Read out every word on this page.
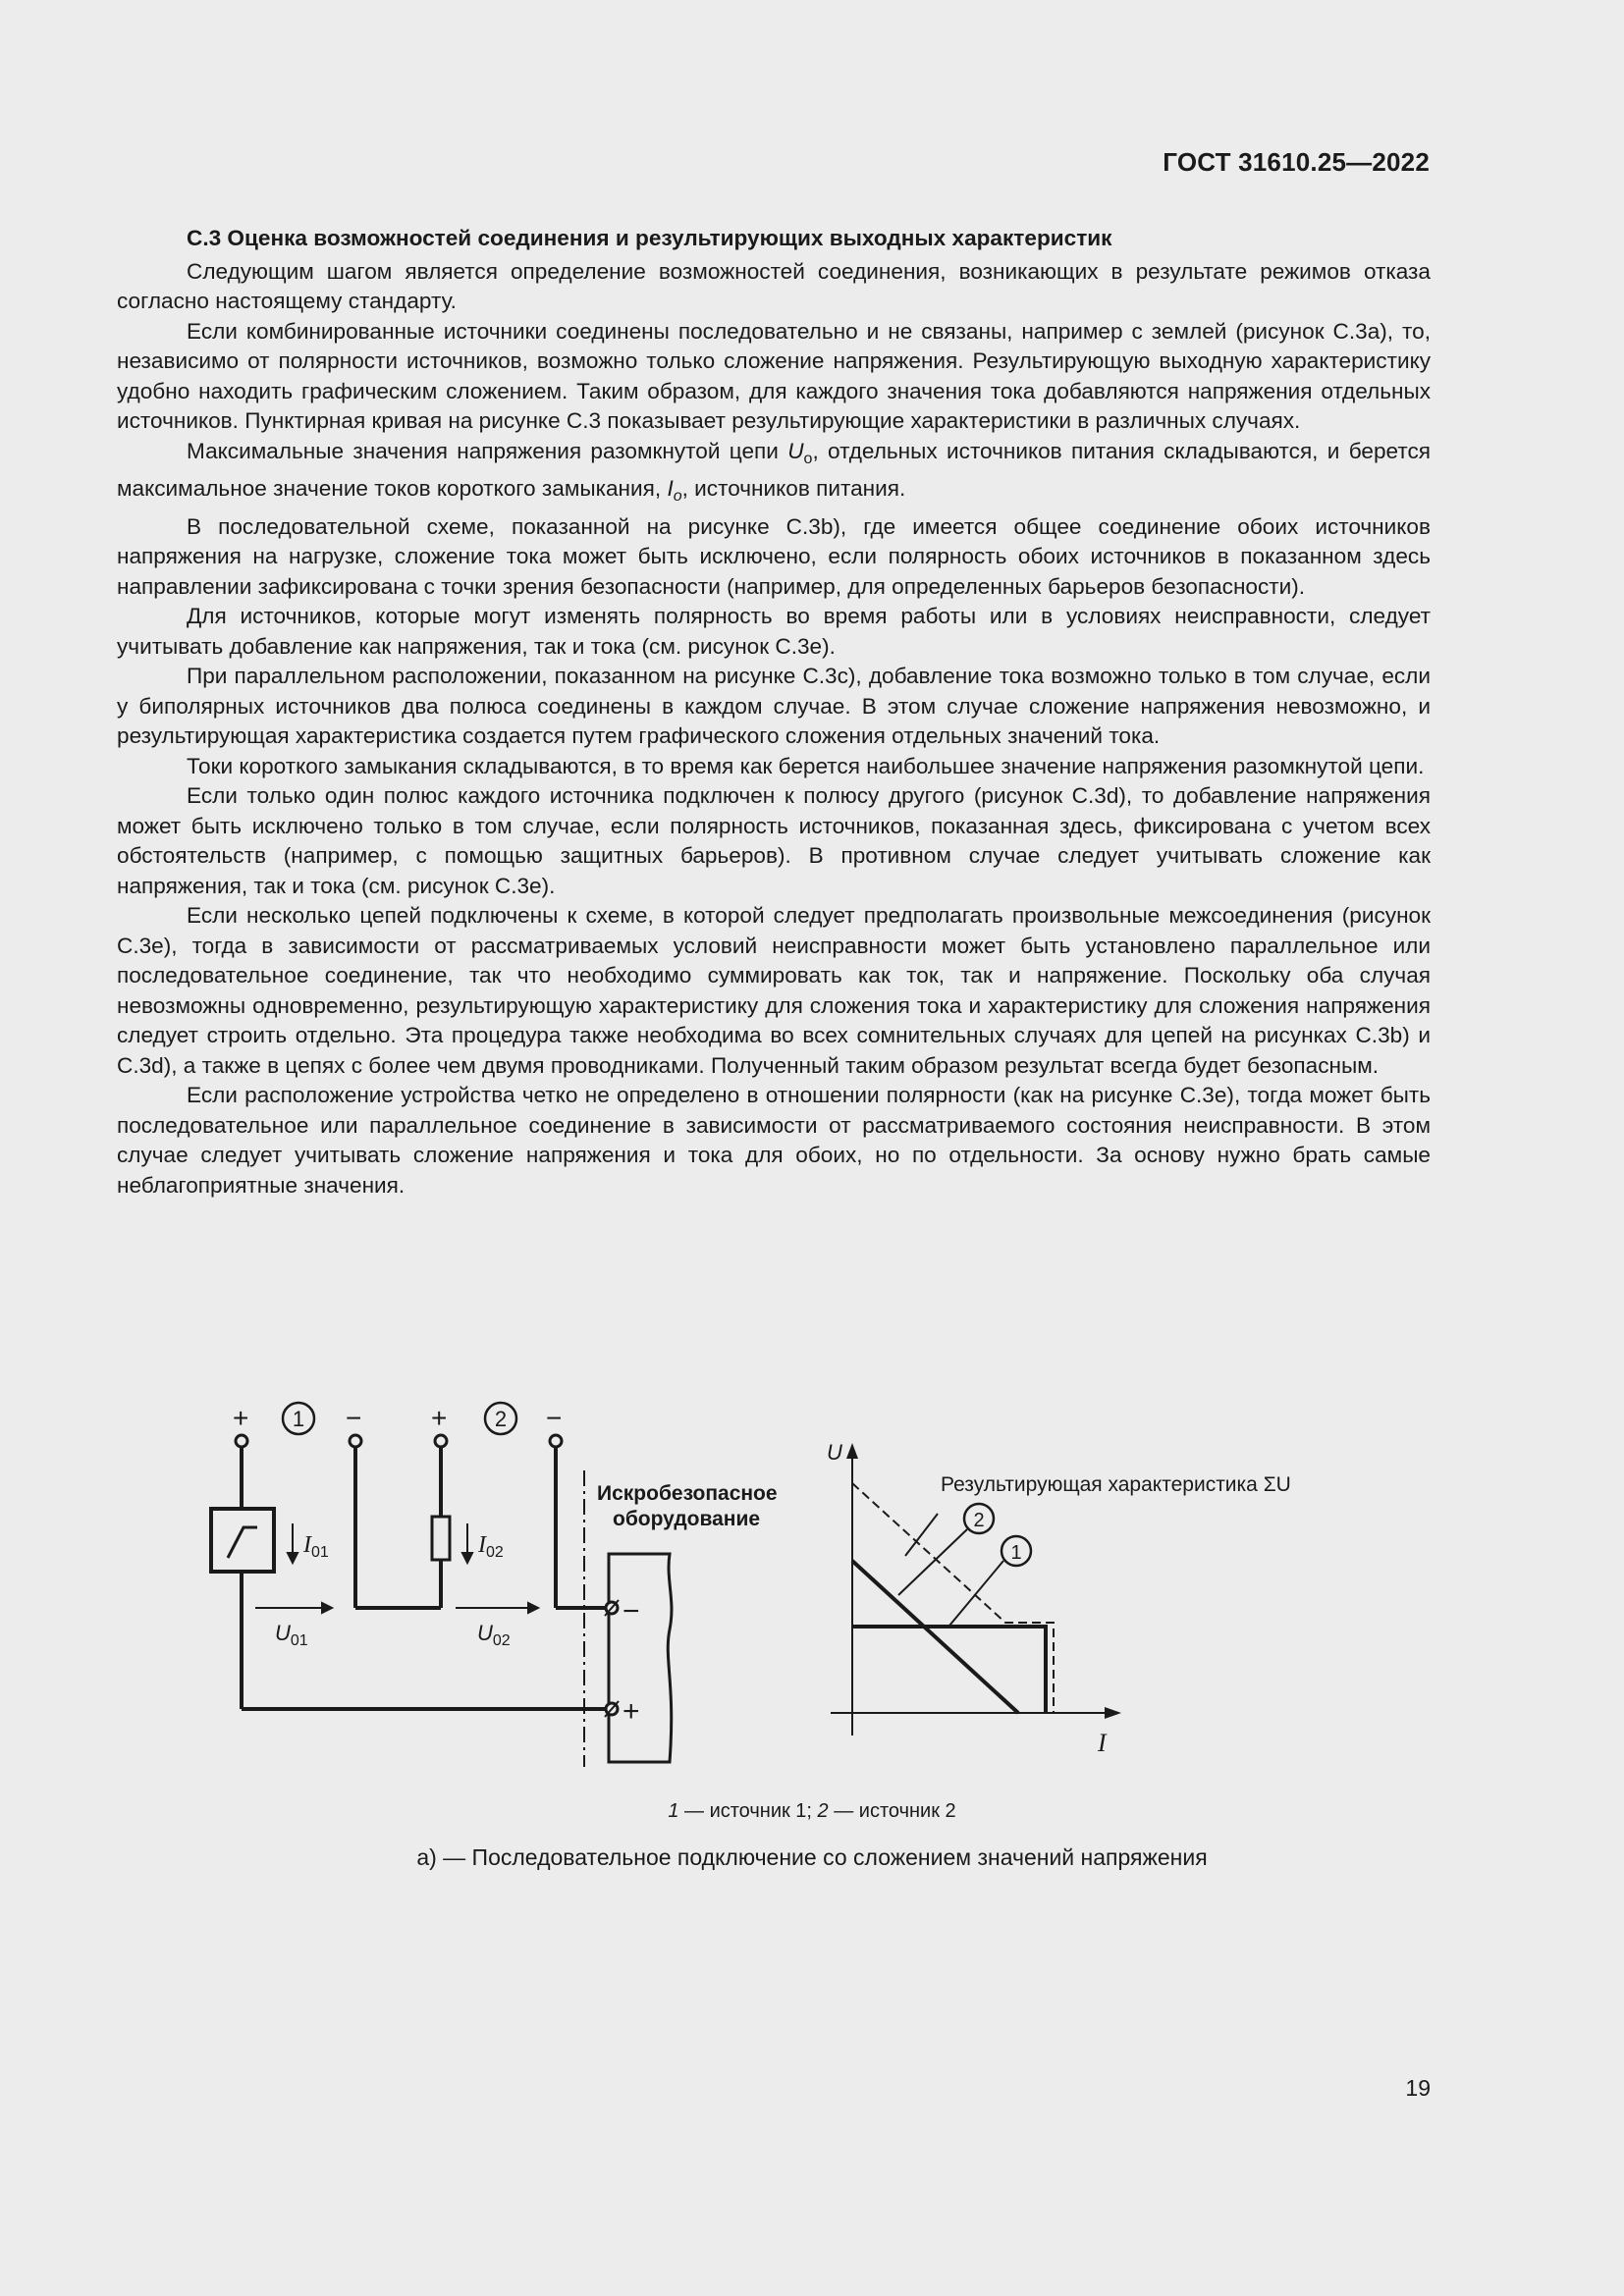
ГОСТ 31610.25—2022
С.3 Оценка возможностей соединения и результирующих выходных характеристик

Следующим шагом является определение возможностей соединения, возникающих в результате режимов отказа согласно настоящему стандарту.

Если комбинированные источники соединены последовательно и не связаны, например с землей (рисунок С.3а), то, независимо от полярности источников, возможно только сложение напряжения. Результирующую выходную характеристику удобно находить графическим сложением. Таким образом, для каждого значения тока добавляются напряжения отдельных источников. Пунктирная кривая на рисунке С.3 показывает результирующие характеристики в различных случаях.

Максимальные значения напряжения разомкнутой цепи $U_o$, отдельных источников питания складываются, и берется максимальное значение токов короткого замыкания, $I_o$, источников питания.

В последовательной схеме, показанной на рисунке С.3b), где имеется общее соединение обоих источников напряжения на нагрузке, сложение тока может быть исключено, если полярность обоих источников в показанном здесь направлении зафиксирована с точки зрения безопасности (например, для определенных барьеров безопасности).

Для источников, которые могут изменять полярность во время работы или в условиях неисправности, следует учитывать добавление как напряжения, так и тока (см. рисунок С.3е).

При параллельном расположении, показанном на рисунке С.3с), добавление тока возможно только в том случае, если у биполярных источников два полюса соединены в каждом случае. В этом случае сложение напряжения невозможно, и результирующая характеристика создается путем графического сложения отдельных значений тока.

Токи короткого замыкания складываются, в то время как берется наибольшее значение напряжения разомкнутой цепи.

Если только один полюс каждого источника подключен к полюсу другого (рисунок С.3d), то добавление напряжения может быть исключено только в том случае, если полярность источников, показанная здесь, фиксирована с учетом всех обстоятельств (например, с помощью защитных барьеров). В противном случае следует учитывать сложение как напряжения, так и тока (см. рисунок С.3е).

Если несколько цепей подключены к схеме, в которой следует предполагать произвольные межсоединения (рисунок С.3е), тогда в зависимости от рассматриваемых условий неисправности может быть установлено параллельное или последовательное соединение, так что необходимо суммировать как ток, так и напряжение. Поскольку оба случая невозможны одновременно, результирующую характеристику для сложения тока и характеристику для сложения напряжения следует строить отдельно. Эта процедура также необходима во всех сомнительных случаях для цепей на рисунках С.3b) и С.3d), а также в цепях с более чем двумя проводниками. Полученный таким образом результат всегда будет безопасным.

Если расположение устройства четко не определено в отношении полярности (как на рисунке С.3е), тогда может быть последовательное или параллельное соединение в зависимости от рассматриваемого состояния неисправности. В этом случае следует учитывать сложение напряжения и тока для обоих, но по отдельности. За основу нужно брать самые неблагоприятные значения.

+	−	+	−
−
+
1	2
2
1
$I_{01}$	$I_{02}$
$U_{01}$	$U_{02}$
Искробезопасное
оборудование
U
I
Результирующая характеристика ΣU
1 — источник 1; 2 — источник 2
а) — Последовательное подключение со сложением значений напряжения
19
